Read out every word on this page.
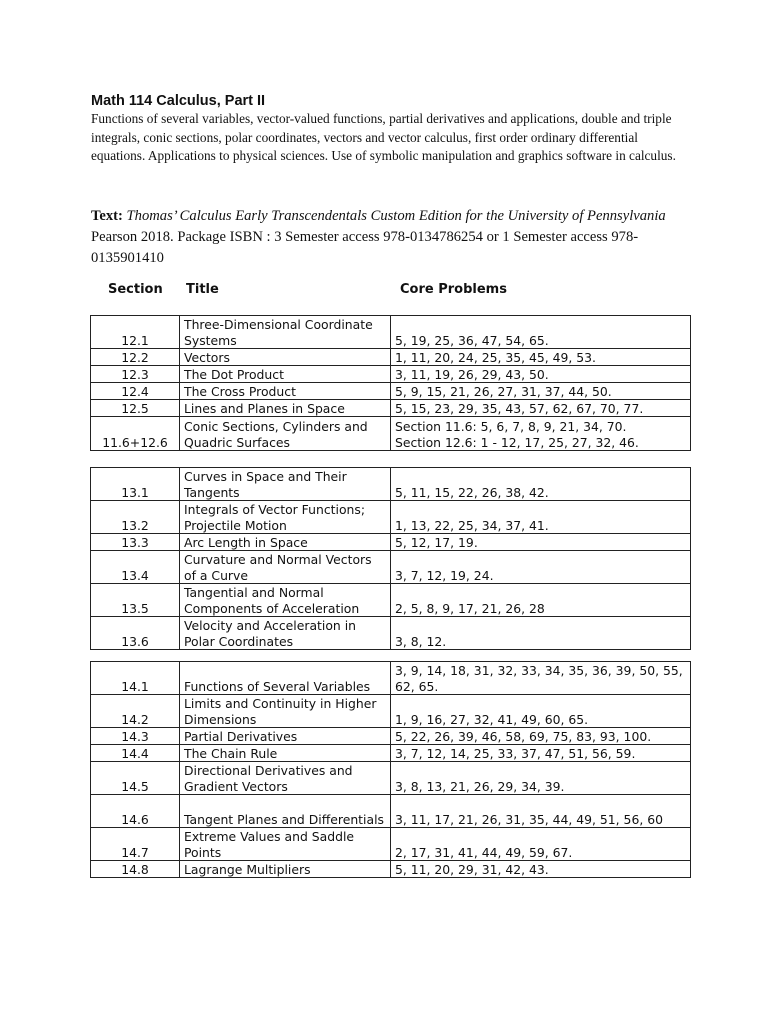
Math 114 Calculus, Part II
Functions of several variables, vector-valued functions, partial derivatives and applications, double and triple integrals, conic sections, polar coordinates, vectors and vector calculus, first order ordinary differential equations. Applications to physical sciences. Use of symbolic manipulation and graphics software in calculus.
Text: Thomas’ Calculus Early Transcendentals Custom Edition for the University of Pennsylvania Pearson 2018. Package ISBN : 3 Semester access 978-0134786254 or 1 Semester access 978-0135901410
Section Title	Core Problems
12.1	Three-Dimensional Coordinate Systems	5, 19, 25, 36, 47, 54, 65.
12.2	Vectors	1, 11, 20, 24, 25, 35, 45, 49, 53.
12.3	The Dot Product	3, 11, 19, 26, 29, 43, 50.
12.4	The Cross Product	5, 9, 15, 21, 26, 27, 31, 37, 44, 50.
12.5	Lines and Planes in Space	5, 15, 23, 29, 35, 43, 57, 62, 67, 70, 77.
11.6+12.6	Conic Sections, Cylinders and Quadric Surfaces	Section 11.6: 5, 6, 7, 8, 9, 21, 34, 70.
Section 12.6: 1 - 12, 17, 25, 27, 32, 46.
13.1	Curves in Space and Their Tangents	5, 11, 15, 22, 26, 38, 42.
13.2	Integrals of Vector Functions; Projectile Motion	1, 13, 22, 25, 34, 37, 41.
13.3	Arc Length in Space	5, 12, 17, 19.
13.4	Curvature and Normal Vectors of a Curve	3, 7, 12, 19, 24.
13.5	Tangential and Normal Components of Acceleration	2, 5, 8, 9, 17, 21, 26, 28
13.6	Velocity and Acceleration in Polar Coordinates	3, 8, 12.
14.1	Functions of Several Variables	3, 9, 14, 18, 31, 32, 33, 34, 35, 36, 39, 50, 55, 62, 65.
14.2	Limits and Continuity in Higher Dimensions	1, 9, 16, 27, 32, 41, 49, 60, 65.
14.3	Partial Derivatives	5, 22, 26, 39, 46, 58, 69, 75, 83, 93, 100.
14.4	The Chain Rule	3, 7, 12, 14, 25, 33, 37, 47, 51, 56, 59.
14.5	Directional Derivatives and Gradient Vectors	3, 8, 13, 21, 26, 29, 34, 39.
14.6	Tangent Planes and Differentials	3, 11, 17, 21, 26, 31, 35, 44, 49, 51, 56, 60
14.7	Extreme Values and Saddle Points	2, 17, 31, 41, 44, 49, 59, 67.
14.8	Lagrange Multipliers	5, 11, 20, 29, 31, 42, 43.
